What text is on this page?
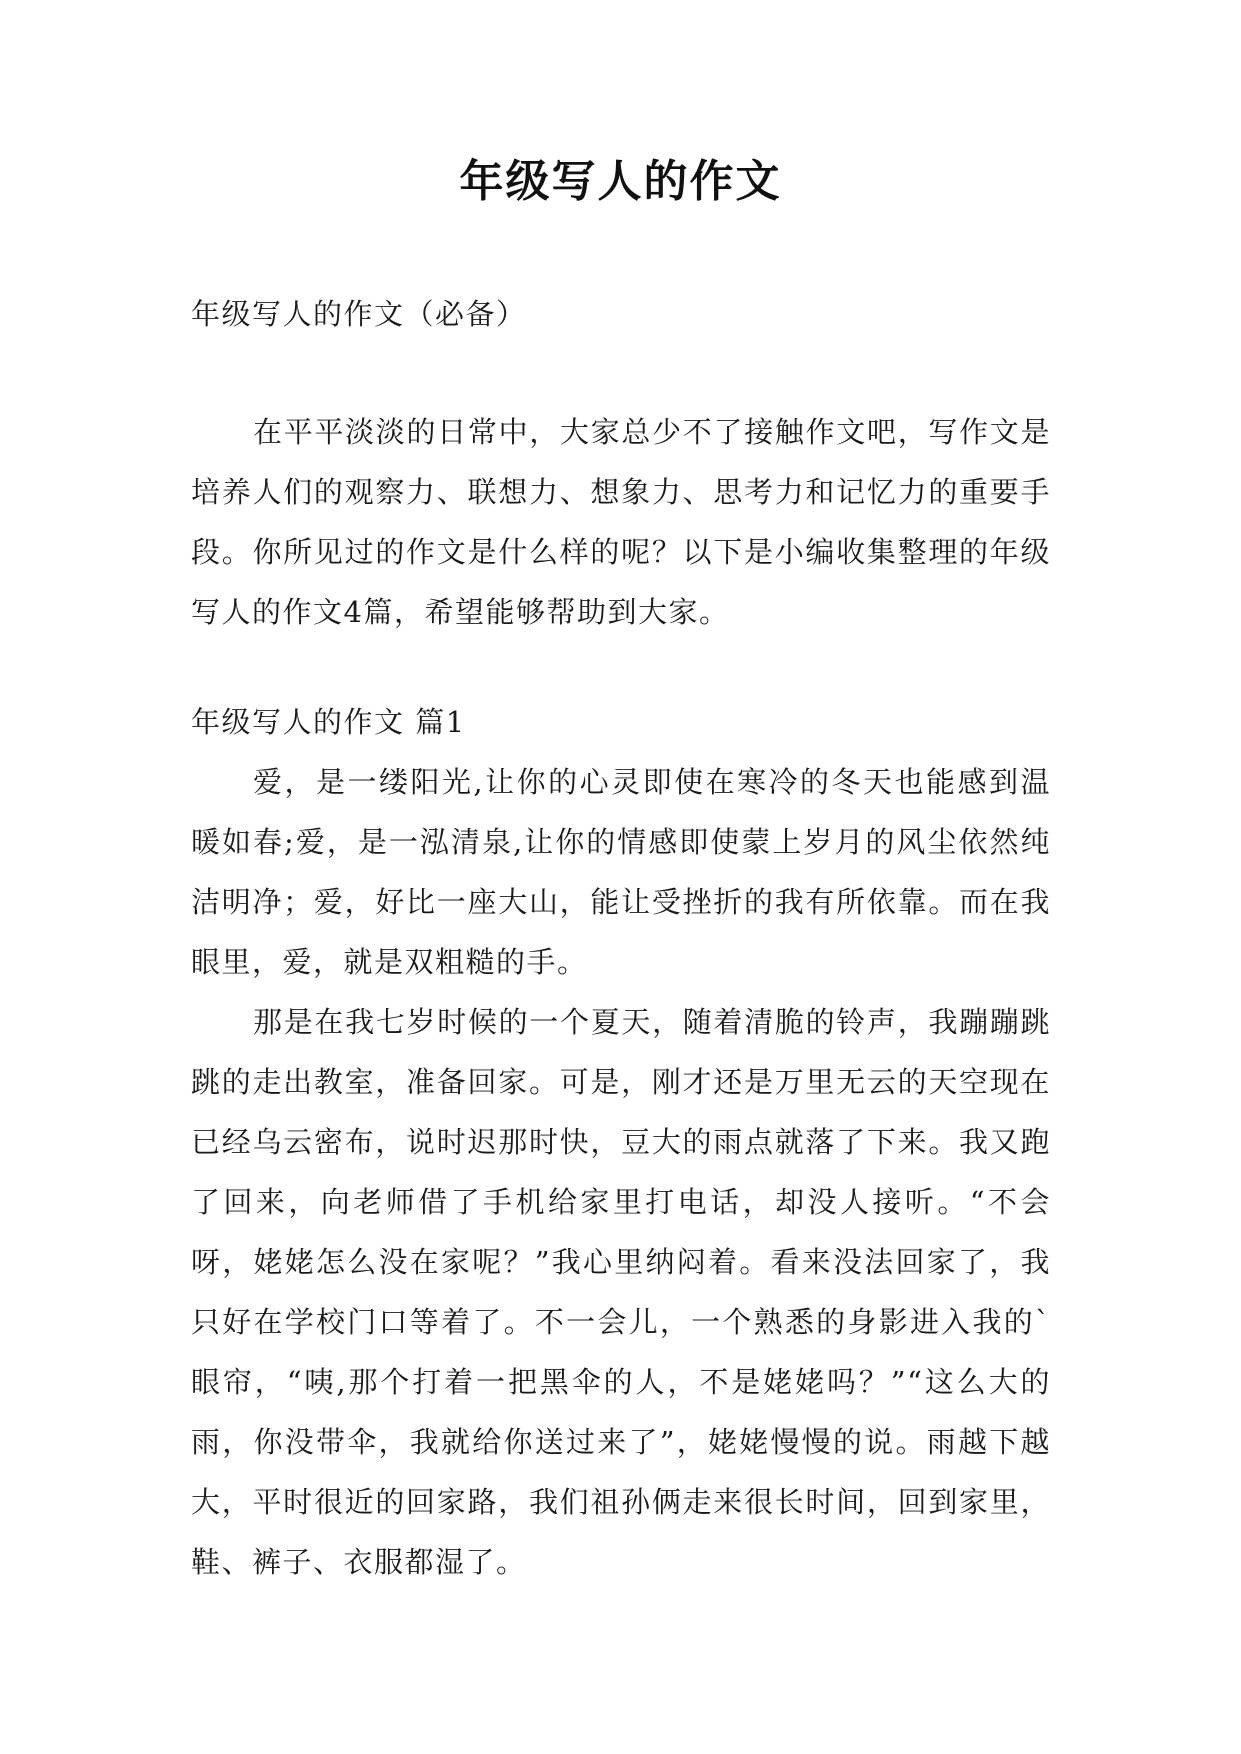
年级写人的作文
年级写人的作文（必备）
在平平淡淡的日常中，大家总少不了接触作文吧，写作文是培养人们的观察力、联想力、想象力、思考力和记忆力的重要手段。你所见过的作文是什么样的呢？以下是小编收集整理的年级写人的作文4篇，希望能够帮助到大家。
年级写人的作文 篇1

爱，是一缕阳光,让你的心灵即使在寒冷的冬天也能感到温暖如春;爱，是一泓清泉,让你的情感即使蒙上岁月的风尘依然纯洁明净；爱，好比一座大山，能让受挫折的我有所依靠。而在我眼里，爱，就是双粗糙的手。

那是在我七岁时候的一个夏天，随着清脆的铃声，我蹦蹦跳跳的走出教室，准备回家。可是，刚才还是万里无云的天空现在已经乌云密布，说时迟那时快，豆大的雨点就落了下来。我又跑了回来，向老师借了手机给家里打电话，却没人接听。“不会呀，姥姥怎么没在家呢？”我心里纳闷着。看来没法回家了，我只好在学校门口等着了。不一会儿，一个熟悉的身影进入我的`眼帘，“咦,那个打着一把黑伞的人，不是姥姥吗？”“这么大的雨，你没带伞，我就给你送过来了”，姥姥慢慢的说。雨越下越大，平时很近的回家路，我们祖孙俩走来很长时间，回到家里，鞋、裤子、衣服都湿了。
